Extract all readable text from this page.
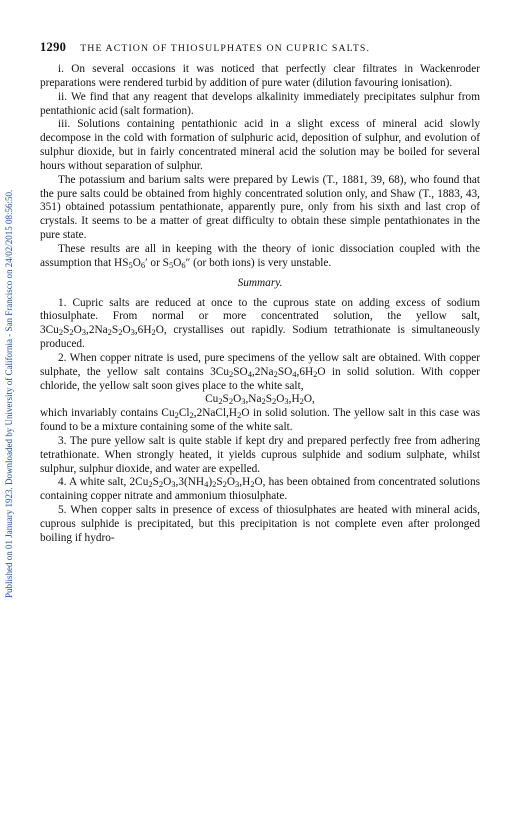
Published on 01 January 1923. Downloaded by University of California - San Francisco on 24/02/2015 08:56:50.
1290 THE ACTION OF THIOSULPHATES ON CUPRIC SALTS.

i. On several occasions it was noticed that perfectly clear filtrates in Wackenroder preparations were rendered turbid by addition of pure water (dilution favouring ionisation).

ii. We find that any reagent that develops alkalinity immediately precipitates sulphur from pentathionic acid (salt formation).

iii. Solutions containing pentathionic acid in a slight excess of mineral acid slowly decompose in the cold with formation of sulphuric acid, deposition of sulphur, and evolution of sulphur dioxide, but in fairly concentrated mineral acid the solution may be boiled for several hours without separation of sulphur.

The potassium and barium salts were prepared by Lewis (T., 1881, 39, 68), who found that the pure salts could be obtained from highly concentrated solution only, and Shaw (T., 1883, 43, 351) obtained potassium pentathionate, apparently pure, only from his sixth and last crop of crystals. It seems to be a matter of great difficulty to obtain these simple pentathionates in the pure state.

These results are all in keeping with the theory of ionic dissociation coupled with the assumption that $HS_5O_6'$ or $S_5O_6''$ (or both ions) is very unstable.

Summary.

1. Cupric salts are reduced at once to the cuprous state on adding excess of sodium thiosulphate. From normal or more concentrated solution, the yellow salt, $3Cu_2S_2O_3,2Na_2S_2O_3,6H_2O$, crystallises out rapidly. Sodium tetrathionate is simultaneously produced.

2. When copper nitrate is used, pure specimens of the yellow salt are obtained. With copper sulphate, the yellow salt contains $3Cu_2SO_4,2Na_2SO_4,6H_2O$ in solid solution. With copper chloride, the yellow salt soon gives place to the white salt,

$Cu_2S_2O_3,Na_2S_2O_3,H_2O$,

which invariably contains $Cu_2Cl_2,2NaCl,H_2O$ in solid solution. The yellow salt in this case was found to be a mixture containing some of the white salt.

3. The pure yellow salt is quite stable if kept dry and prepared perfectly free from adhering tetrathionate. When strongly heated, it yields cuprous sulphide and sodium sulphate, whilst sulphur, sulphur dioxide, and water are expelled.

4. A white salt, $2Cu_2S_2O_3,3(NH_4)_2S_2O_3,H_2O$, has been obtained from concentrated solutions containing copper nitrate and ammonium thiosulphate.

5. When copper salts in presence of excess of thiosulphates are heated with mineral acids, cuprous sulphide is precipitated, but this precipitation is not complete even after prolonged boiling if hydro-
